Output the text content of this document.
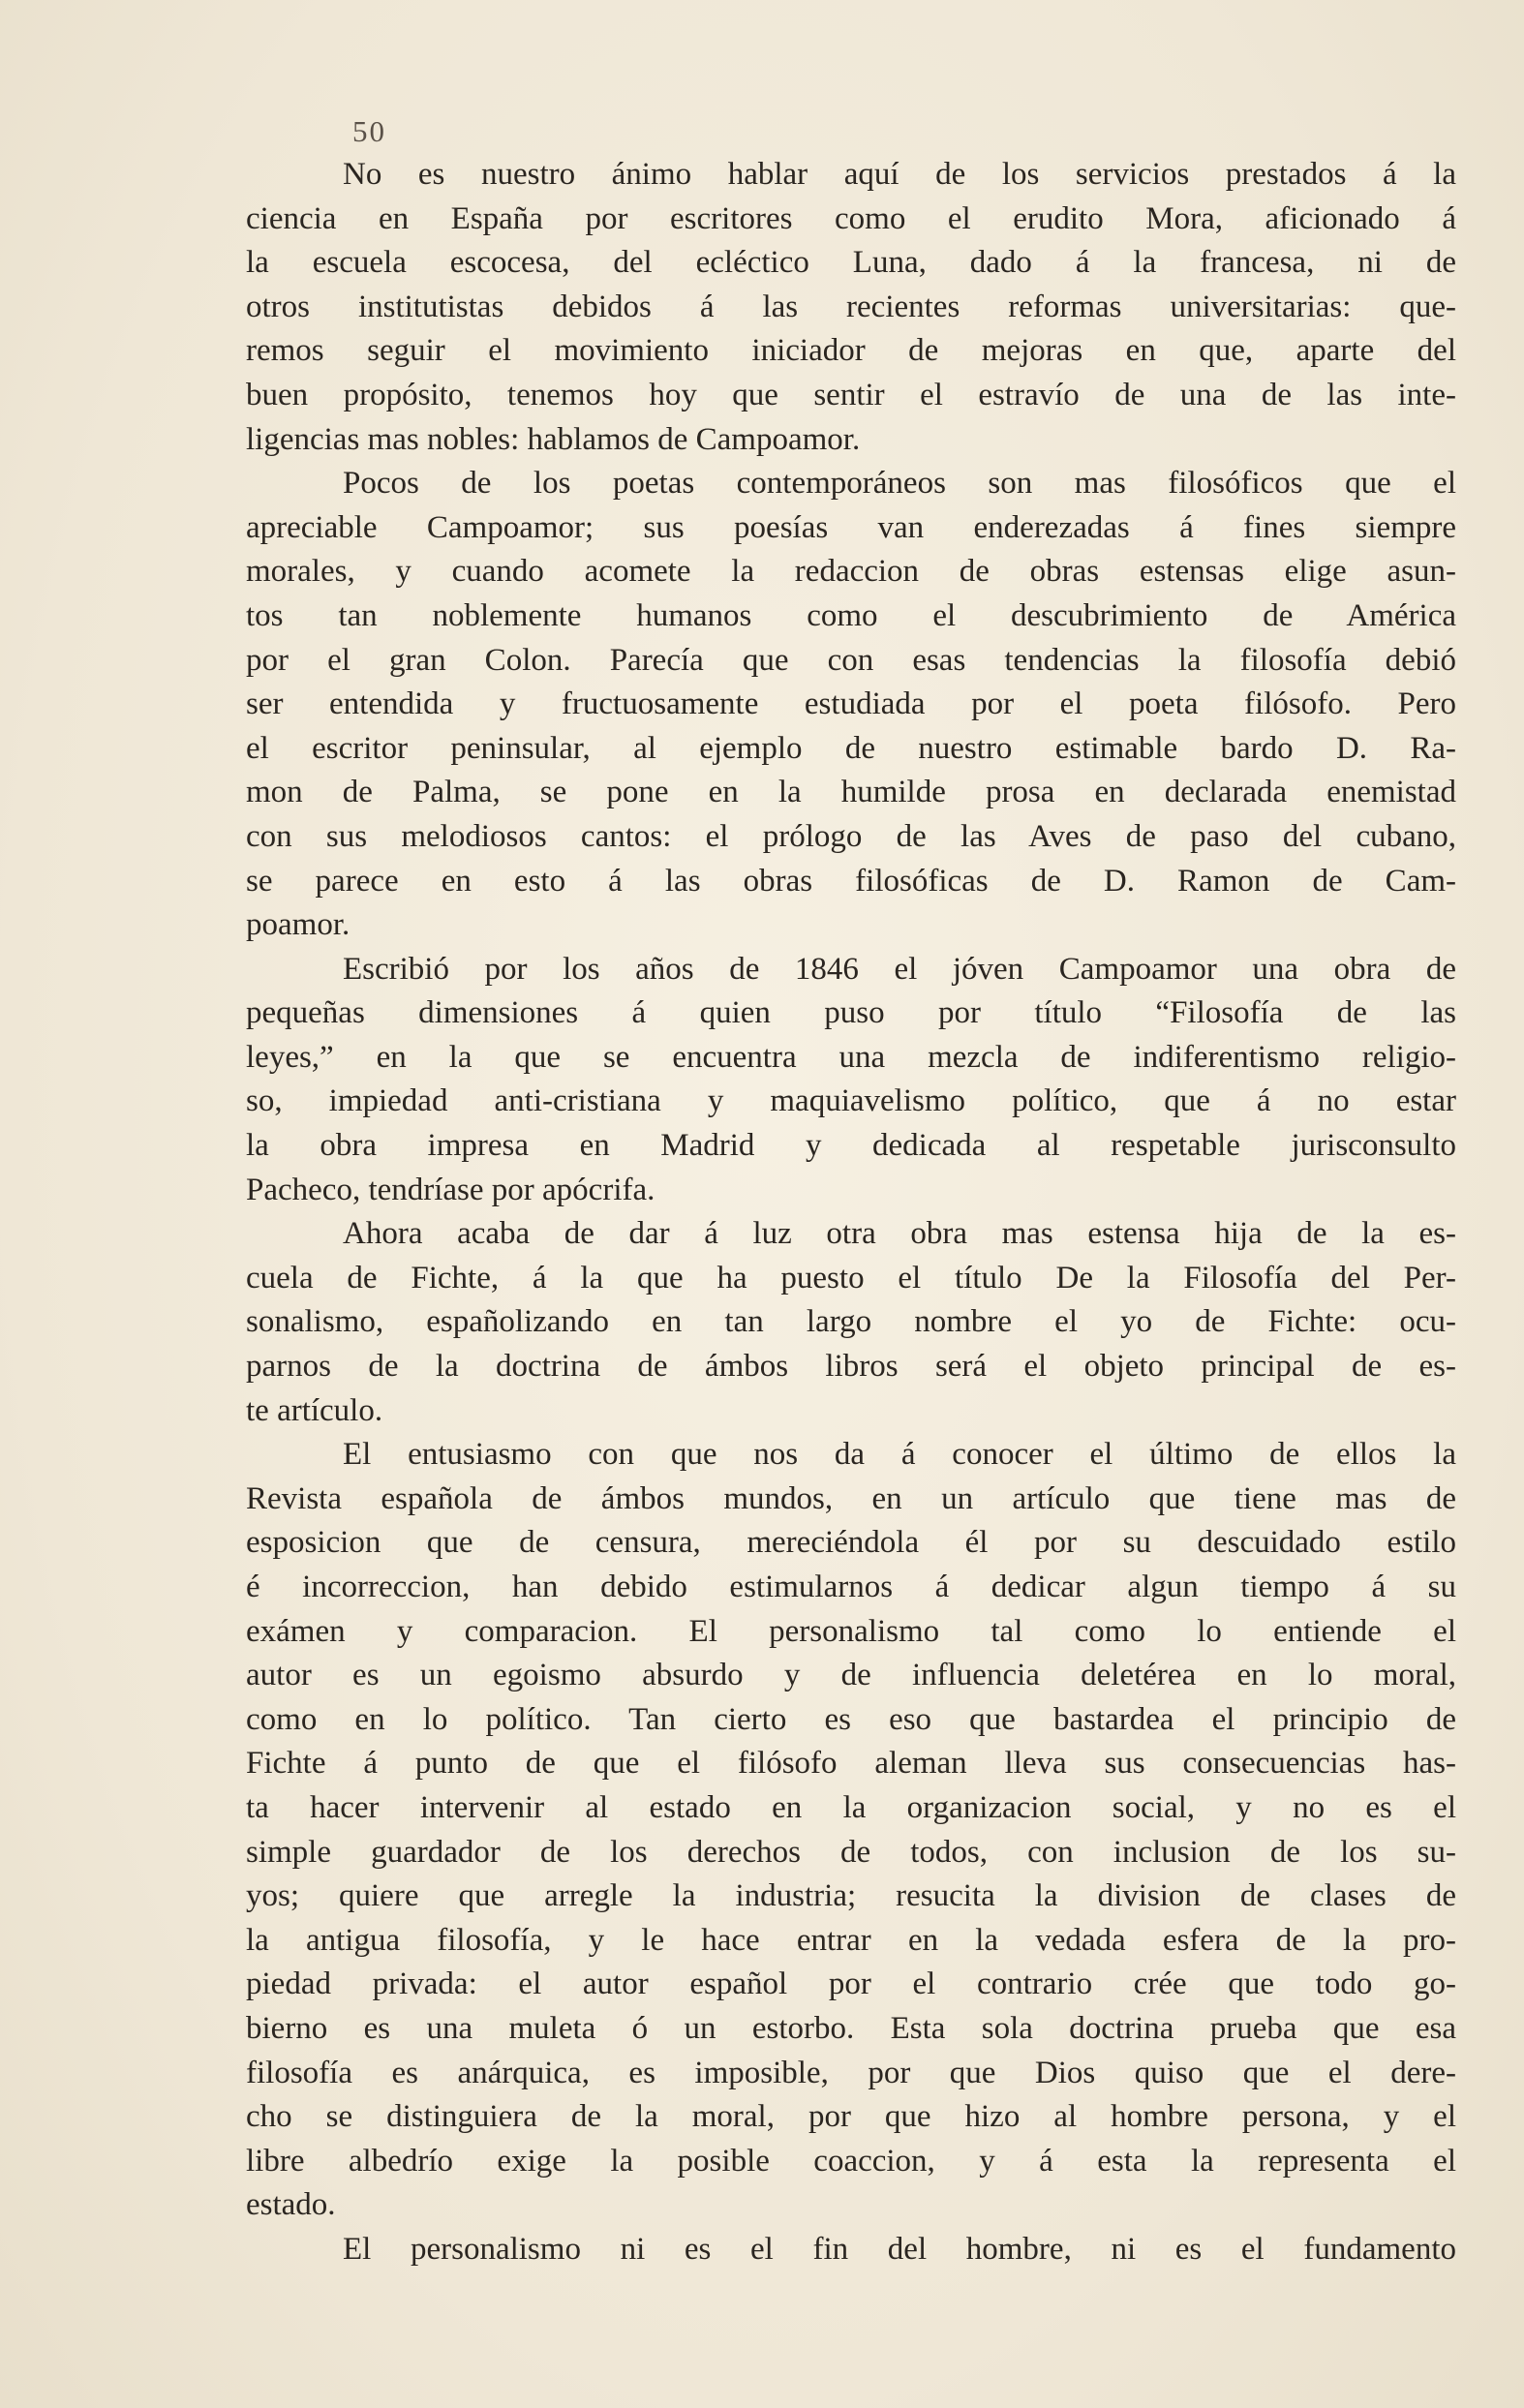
50
No es nuestro ánimo hablar aquí de los servicios prestados á la
ciencia en España por escritores como el erudito Mora, aficionado á
la escuela escocesa, del ecléctico Luna, dado á la francesa, ni de
otros institutistas debidos á las recientes reformas universitarias: que-
remos seguir el movimiento iniciador de mejoras en que, aparte del
buen propósito, tenemos hoy que sentir el estravío de una de las inte-
ligencias mas nobles: hablamos de Campoamor.
Pocos de los poetas contemporáneos son mas filosóficos que el
apreciable Campoamor; sus poesías van enderezadas á fines siempre
morales, y cuando acomete la redaccion de obras estensas elige asun-
tos tan noblemente humanos como el descubrimiento de América
por el gran Colon. Parecía que con esas tendencias la filosofía debió
ser entendida y fructuosamente estudiada por el poeta filósofo. Pero
el escritor peninsular, al ejemplo de nuestro estimable bardo D. Ra-
mon de Palma, se pone en la humilde prosa en declarada enemistad
con sus melodiosos cantos: el prólogo de las Aves de paso del cubano,
se parece en esto á las obras filosóficas de D. Ramon de Cam-
poamor.
Escribió por los años de 1846 el jóven Campoamor una obra de
pequeñas dimensiones á quien puso por título “Filosofía de las
leyes,” en la que se encuentra una mezcla de indiferentismo religio-
so, impiedad anti-cristiana y maquiavelismo político, que á no estar
la obra impresa en Madrid y dedicada al respetable jurisconsulto
Pacheco, tendríase por apócrifa.
Ahora acaba de dar á luz otra obra mas estensa hija de la es-
cuela de Fichte, á la que ha puesto el título De la Filosofía del Per-
sonalismo, españolizando en tan largo nombre el yo de Fichte: ocu-
parnos de la doctrina de ámbos libros será el objeto principal de es-
te artículo.
El entusiasmo con que nos da á conocer el último de ellos la
Revista española de ámbos mundos, en un artículo que tiene mas de
esposicion que de censura, mereciéndola él por su descuidado estilo
é incorreccion, han debido estimularnos á dedicar algun tiempo á su
exámen y comparacion. El personalismo tal como lo entiende el
autor es un egoismo absurdo y de influencia deletérea en lo moral,
como en lo político. Tan cierto es eso que bastardea el principio de
Fichte á punto de que el filósofo aleman lleva sus consecuencias has-
ta hacer intervenir al estado en la organizacion social, y no es el
simple guardador de los derechos de todos, con inclusion de los su-
yos; quiere que arregle la industria; resucita la division de clases de
la antigua filosofía, y le hace entrar en la vedada esfera de la pro-
piedad privada: el autor español por el contrario crée que todo go-
bierno es una muleta ó un estorbo. Esta sola doctrina prueba que esa
filosofía es anárquica, es imposible, por que Dios quiso que el dere-
cho se distinguiera de la moral, por que hizo al hombre persona, y el
libre albedrío exige la posible coaccion, y á esta la representa el
estado.
El personalismo ni es el fin del hombre, ni es el fundamento
